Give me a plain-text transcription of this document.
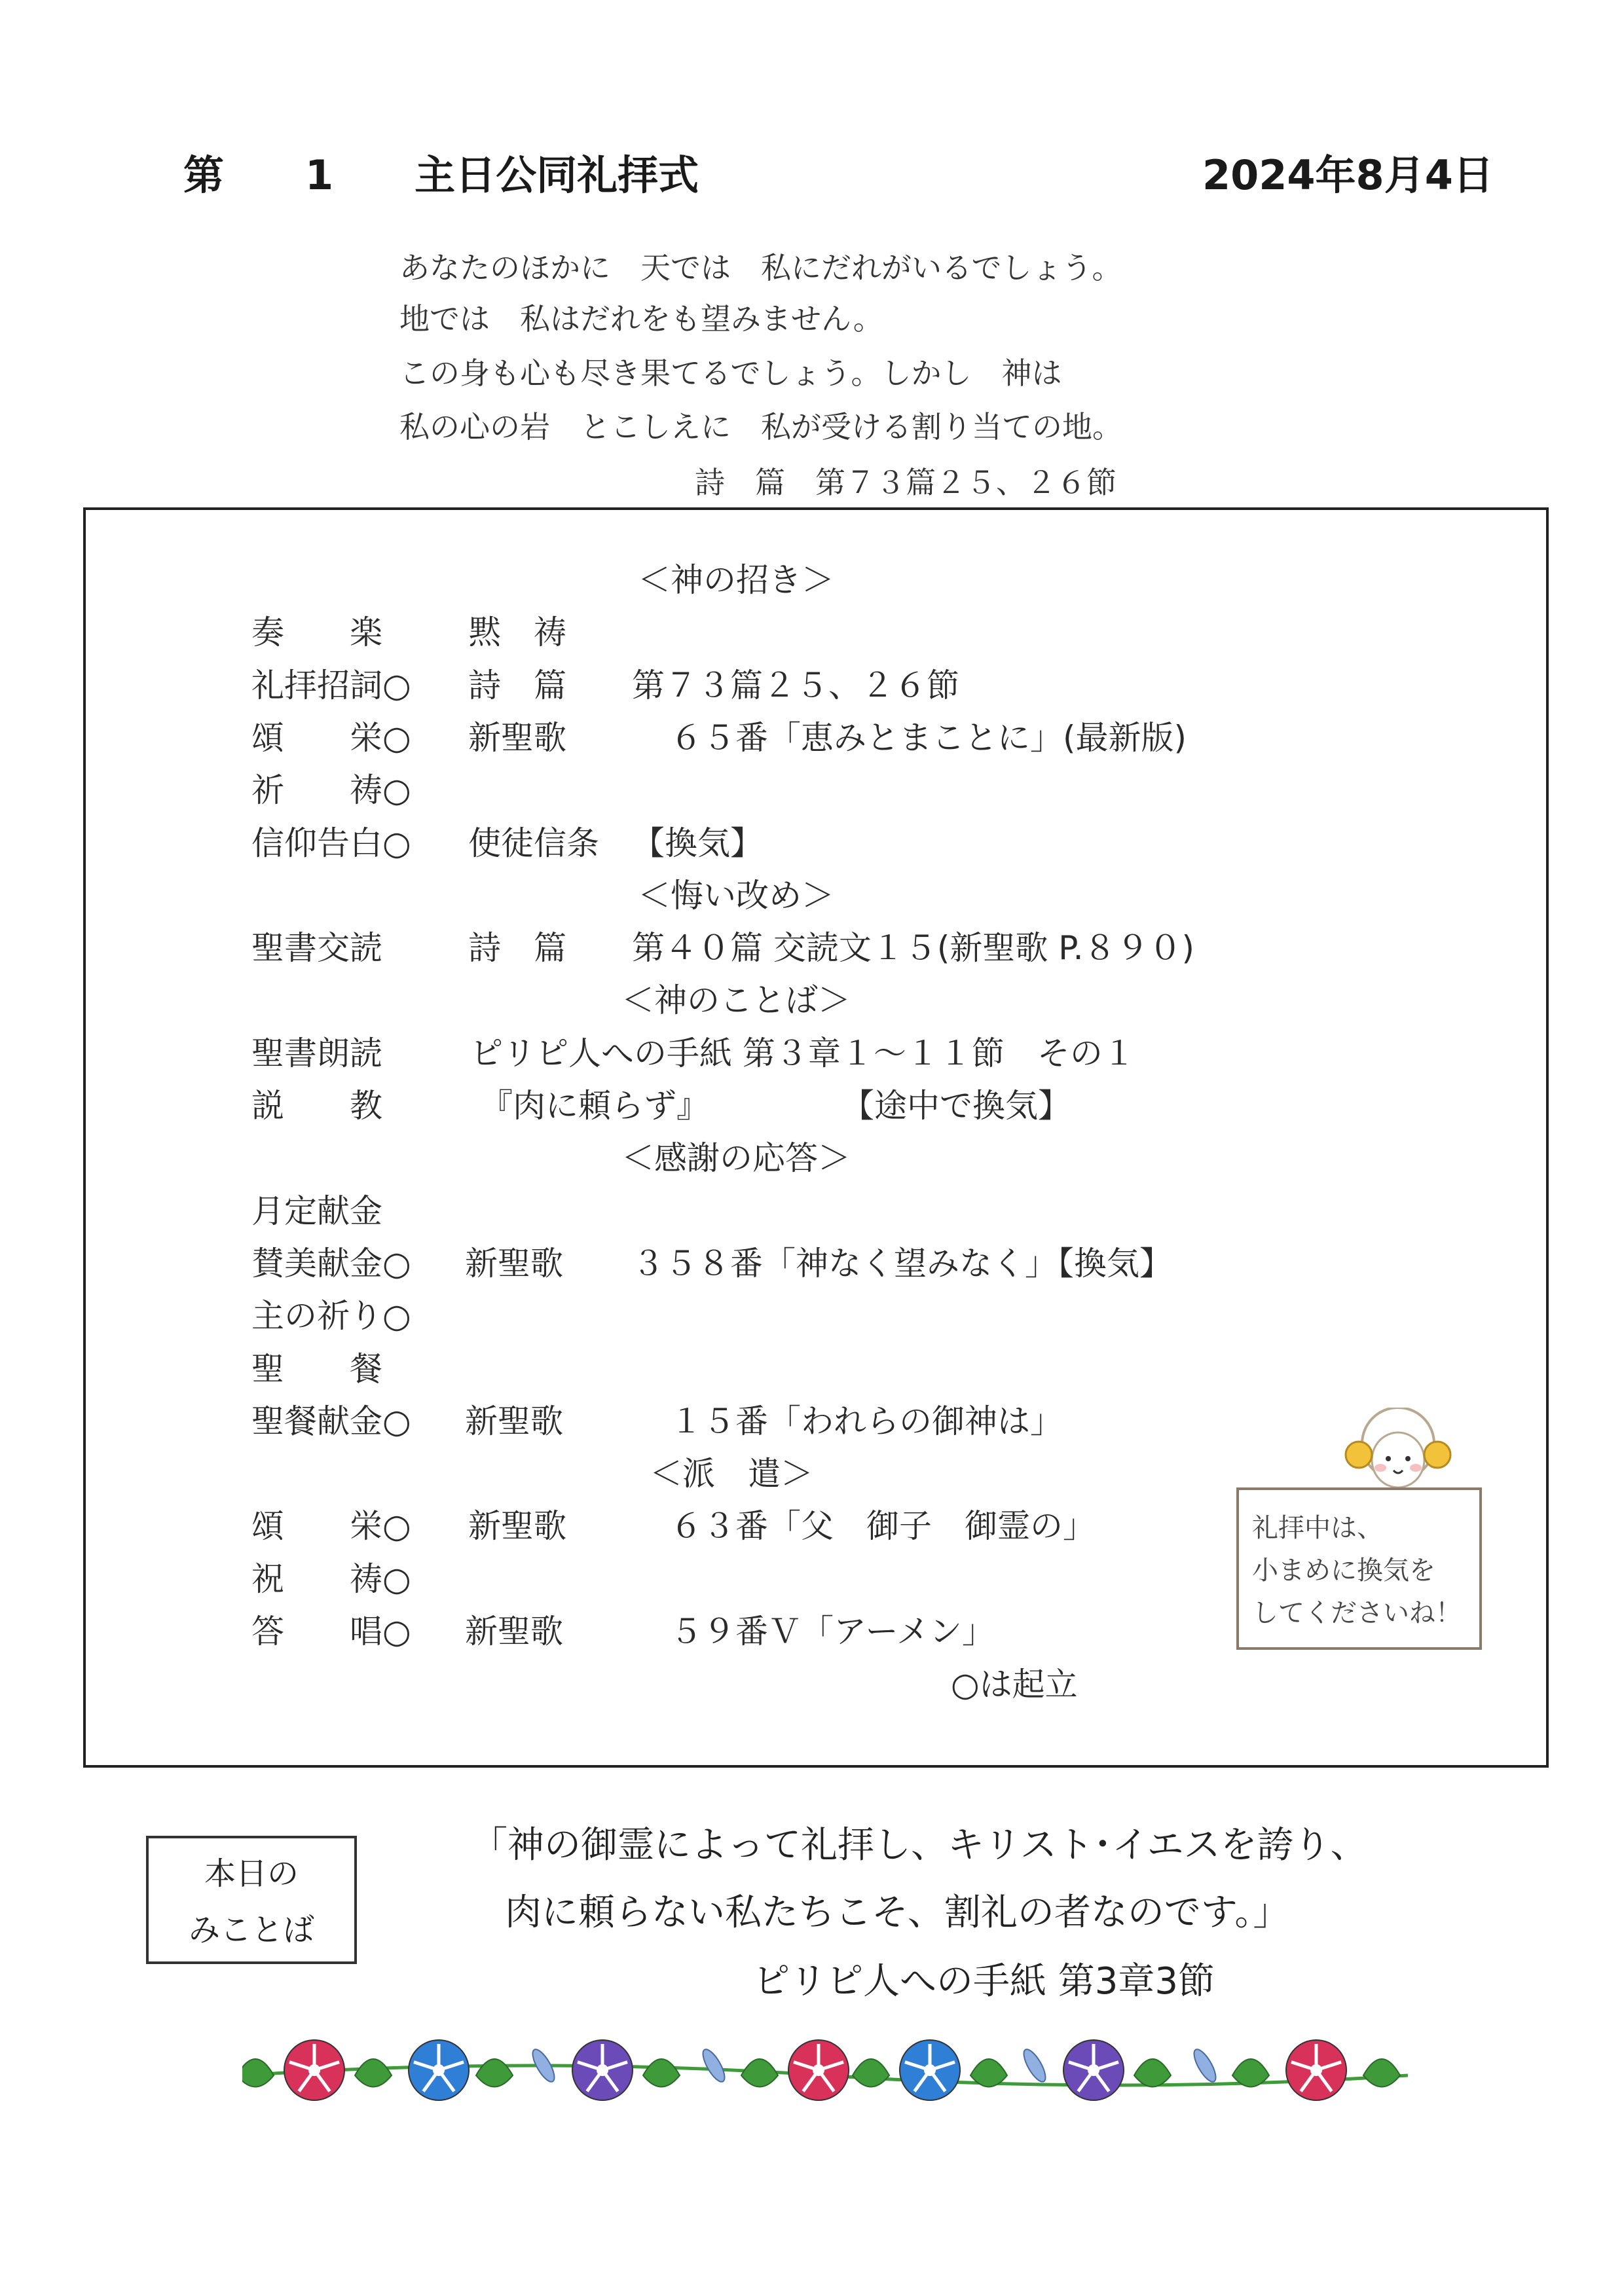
第　　1　　主日公同礼拝式	2024年8月4日
あなたのほかに　天では　私にだれがいるでしょう。
地では　私はだれをも望みません。
この身も心も尽き果てるでしょう。しかし　神は
私の心の岩　とこしえに　私が受ける割り当ての地。
詩　篇　第７３篇２５、２６節
＜神の招き＞
奏　　楽	黙　祷
礼拝招詞○ 詩　篇 第７３篇２５、２６節
頌　　栄○ 新聖歌	６５番「恵みとまことに」(最新版)
祈　　祷○
信仰告白○ 使徒信条 【換気】
＜悔い改め＞
聖書交読	詩　篇 第４０篇 交読文１５(新聖歌 P.８９０)
＜神のことば＞
聖書朗読	ピリピ人への手紙 第３章１～１１節　その１
説　　教	『肉に頼らず』	【途中で換気】
＜感謝の応答＞
月定献金
賛美献金○ 新聖歌 ３５８番「神なく望みなく」【換気】
主の祈り○
聖　　餐
聖餐献金○ 新聖歌	１５番「われらの御神は」
＜派　遣＞
頌　　栄○ 新聖歌	６３番「父　御子　御霊の」
祝　　祷○
答　　唱○ 新聖歌	５９番Ｖ「アーメン」
○は起立
礼拝中は、
小まめに換気を
してくださいね！
本日の
みことば
「神の御霊によって礼拝し、キリスト･イエスを誇り、
肉に頼らない私たちこそ、割礼の者なのです。」
ピリピ人への手紙 第3章3節
